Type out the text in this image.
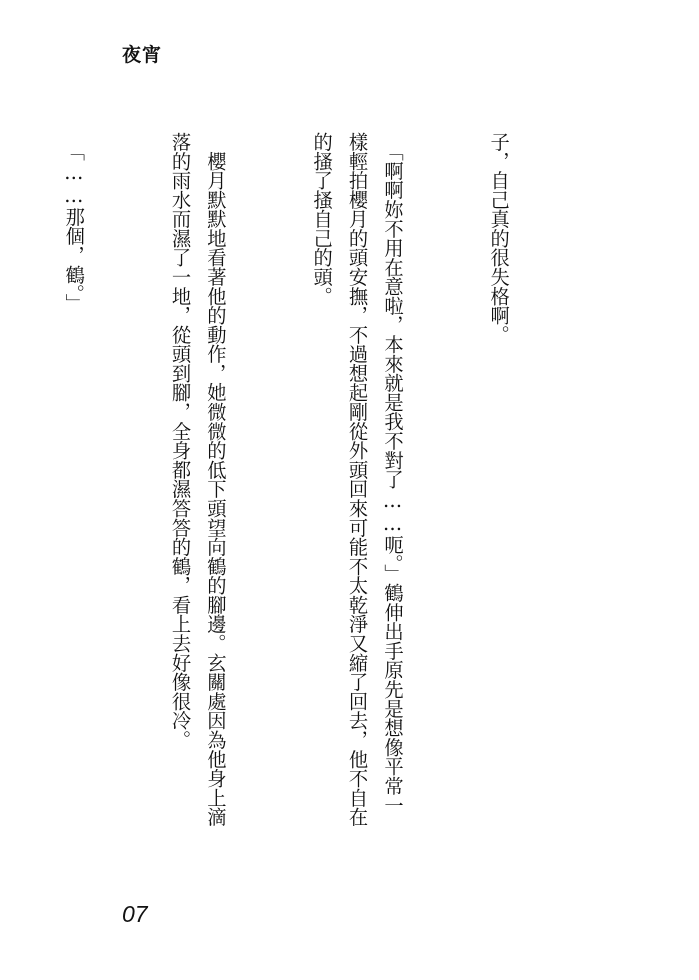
夜宵

子，自己真的很失格啊。

　「啊啊妳不用在意啦，本來就是我不對了……呃。」鶴伸出手原先是想像平常一樣輕拍櫻月的頭安撫，不過想起剛從外頭回來可能不太乾淨又縮了回去，他不自在的搔了搔自己的頭。

　櫻月默默地看著他的動作，她微微的低下頭望向鶴的腳邊。玄關處因為他身上滴落的雨水而濕了一地，從頭到腳，全身都濕答答的鶴，看上去好像很冷。

　「……那個，鶴。」

07
